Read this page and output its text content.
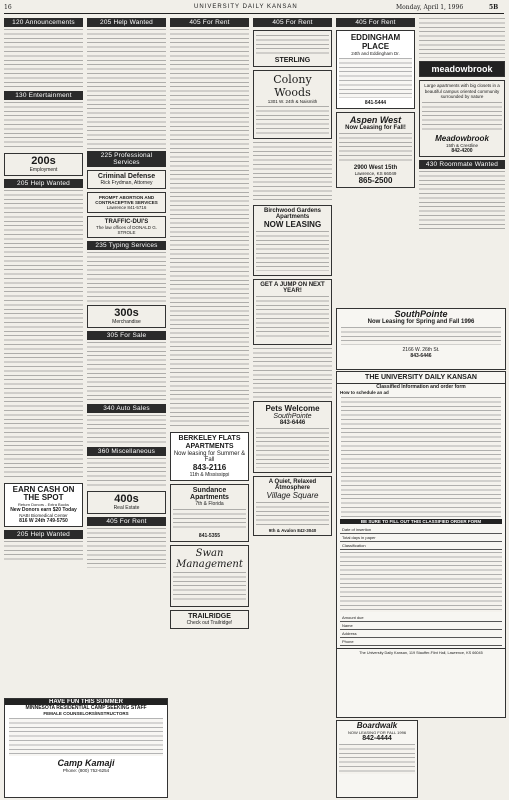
16	UNIVERSITY DAILY KANSAN	Monday, April 1, 1996	5B
120 Announcements
130 Entertainment
200s
Employment
205 Help Wanted
EARN CASH ON THE SPOT
Return Donors - Extra Bucks
New Donors earn $20 Today
NABI Biomedical Center
816 W 24th 749-5750
205 Help Wanted
205 Help Wanted
225 Professional Services
Criminal Defense
Rick Frydman, Attorney
PROMPT ABORTION AND CONTRACEPTIVE SERVICES
Lawrence 841-5716
TRAFFIC-DUI'S
The law offices of DONALD G. STROLE
235 Typing Services
300s
Merchandise
305 For Sale
340 Auto Sales
360 Miscellaneous
400s
Real Estate
405 For Rent
405 For Rent
BERKELEY FLATS APARTMENTS
Now leasing for Summer & Fall
843-2116
11th & Mississippi
Sundance Apartments
7th & Florida
841-5355
Swan Management
TRAILRIDGE
Check out Trailridge!
405 For Rent
STERLING
Colony Woods
1301 W. 24th & Naismith
Birchwood Gardens Apartments
NOW LEASING
GET A JUMP ON NEXT YEAR!
Pets Welcome
SouthPointe
843-6446
A Quiet, Relaxed Atmosphere
Village Square
9th & Avalon 842-3040
405 For Rent
EDDINGHAM PLACE
24th and Eddingham Dr.
841-5444
Aspen West
Now Leasing for Fall!
2900 West 15th
Lawrence, KS 66049
865-2500
meadowbrook
Large apartments with big closets in a beautiful campus oriented community surrounded by nature
Meadowbrook
15th & Crestline
842-4200
430 Roommate Wanted
SouthPointe
Now Leasing for Spring and Fall 1996
2166 W. 26th St.
843-6446
THE UNIVERSITY DAILY KANSAN
Classified Information and order form
How to schedule an ad
BE SURE TO FILL OUT THIS CLASSIFIED ORDER FORM
Date of insertion
Total days in paper
Classification
Amount due
Name
Address
Phone
The University Daily Kansan, 119 Stauffer-Flint Hall, Lawrence, KS 66045
Boardwalk
NOW LEASING FOR FALL 1996
842-4444
HAVE FUN THIS SUMMER
MINNESOTA RESIDENTIAL CAMP SEEKING STAFF
FEMALE COUNSELORS/INSTRUCTORS
Camp Kamaji
Phone: (800) 752-6254
